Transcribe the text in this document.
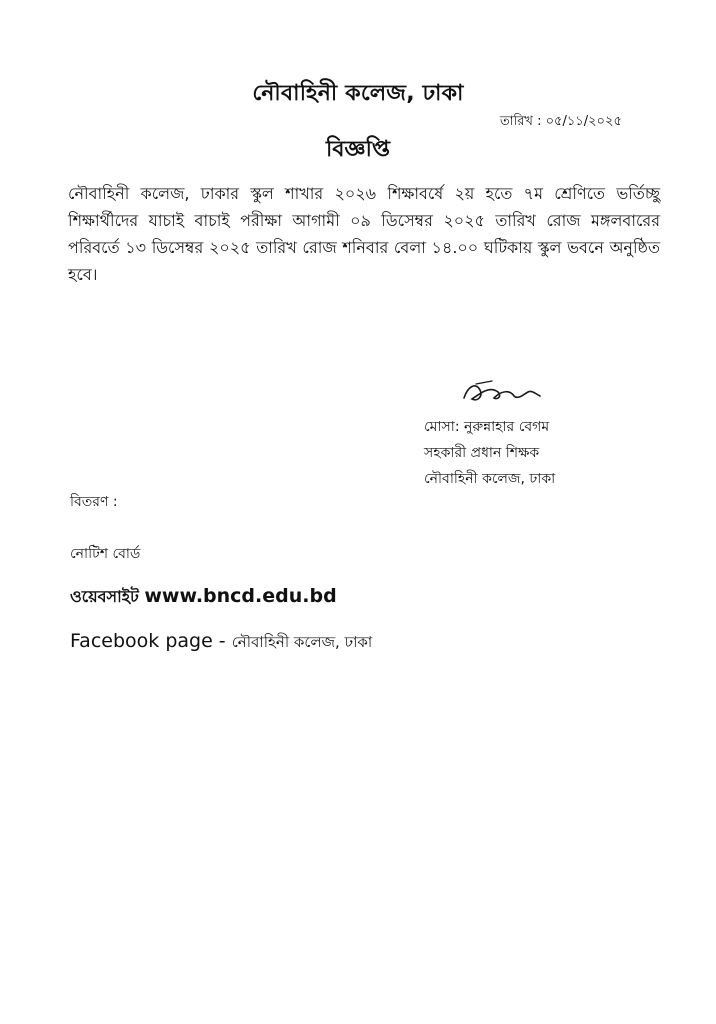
নৌবাহিনী কলেজ, ঢাকা
তারিখ : ০৫/১১/২০২৫
বিজ্ঞপ্তি
নৌবাহিনী কলেজ, ঢাকার স্কুল শাখার ২০২৬ শিক্ষাবর্ষে ২য় হতে ৭ম শ্রেণিতে ভর্তিচ্ছু শিক্ষার্থীদের যাচাই বাচাই পরীক্ষা আগামী ০৯ ডিসেম্বর ২০২৫ তারিখ রোজ মঙ্গলবারের পরিবর্তে ১৩ ডিসেম্বর ২০২৫ তারিখ রোজ শনিবার বেলা ১৪.০০ ঘটিকায় স্কুল ভবনে অনুষ্ঠিত হবে।
মোসা: নুরুন্নাহার বেগম
সহকারী প্রধান শিক্ষক
নৌবাহিনী কলেজ, ঢাকা
বিতরণ :
নোটিশ বোর্ড
ওয়েবসাইট www.bncd.edu.bd
Facebook page - নৌবাহিনী কলেজ, ঢাকা
